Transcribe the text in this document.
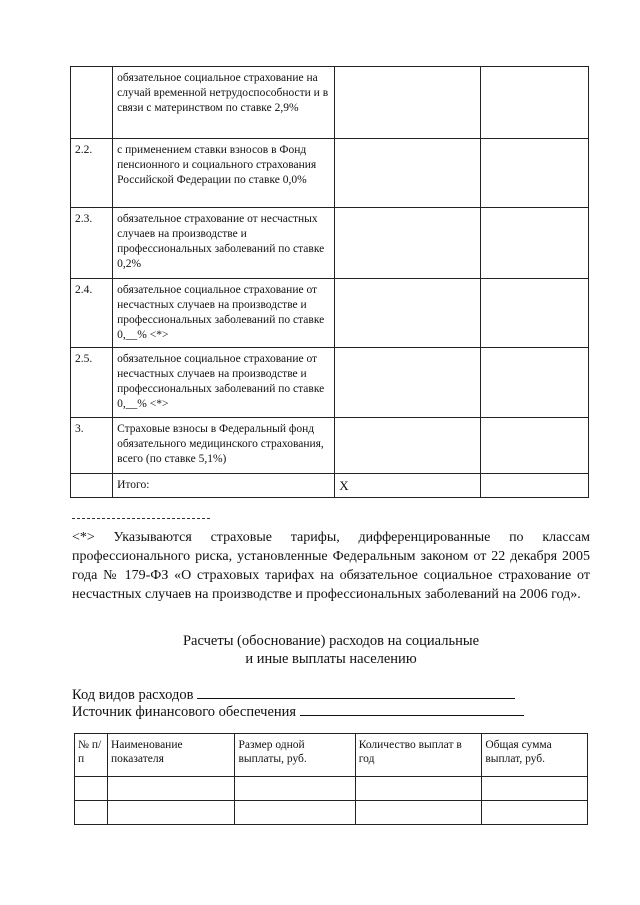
	обязательное социальное страхование на случай временной нетрудоспособности и в связи с материнством по ставке 2,9%		
2.2.	с применением ставки взносов в Фонд пенсионного и социального страхования Российской Федерации по ставке 0,0%		
2.3.	обязательное страхование от несчастных случаев на производстве и профессиональных заболеваний по ставке 0,2%		
2.4.	обязательное социальное страхование от несчастных случаев на производстве и профессиональных заболеваний по ставке 0,__% <*>		
2.5.	обязательное социальное страхование от несчастных случаев на производстве и профессиональных заболеваний по ставке 0,__% <*>		
3.	Страховые взносы в Федеральный фонд обязательного медицинского страхования, всего (по ставке 5,1%)		
	Итого:	X	
<*> Указываются страховые тарифы, дифференцированные по классам профессионального риска, установленные Федеральным законом от 22 декабря 2005 года № 179-ФЗ «О страховых тарифах на обязательное социальное страхование от несчастных случаев на производстве и профессиональных заболеваний на 2006 год».
Расчеты (обоснование) расходов на социальные
и иные выплаты населению
Код видов расходов
Источник финансового обеспечения
№ п/п	Наименование показателя	Размер одной выплаты, руб.	Количество выплат в год	Общая сумма выплат, руб.
